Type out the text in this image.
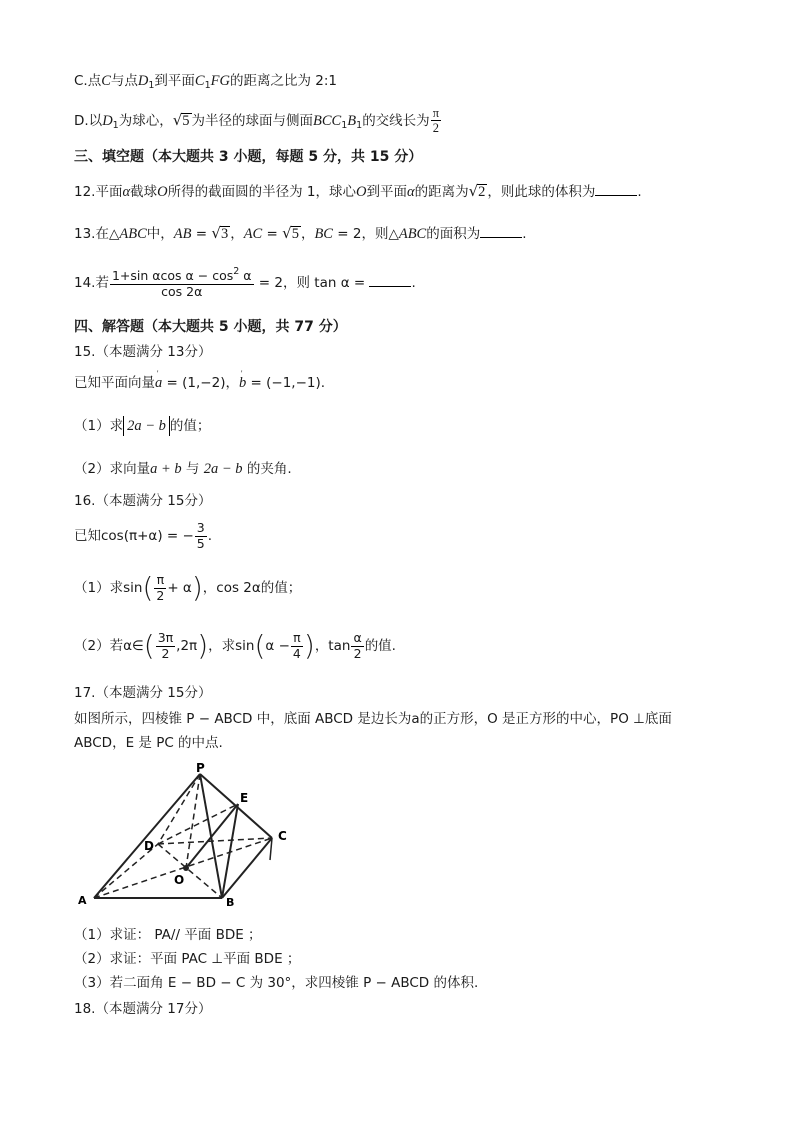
C.点C与点$D_1$到平面$C_1FG$的距离之比为 2:1
D.以$D_1$为球心，√5 为半径的球面与侧面$BCC_1B_1$的交线长为 $\frac{\pi}{2}$
三、填空题（本大题共 3 小题，每题 5 分，共 15 分）
12.平面α截球O所得的截面圆的半径为 1，球心O到平面α的距离为√2 ，则此球的体积为	.
13.在△ABC中，AB = √3 ，AC = √5 ，BC = 2，则△ABC的面积为	.
14.若 $\frac{1+\sin \alpha\cos \alpha - \cos^2 \alpha}{\cos 2\alpha} = 2$，则 tan α =	.
四、解答题（本大题共 5 小题，共 77 分）
15.（本题满分 13分）
已知平面向量' a = (1,−2)，' b = (−1,−1).
（1）求 2a − b 的值；
（2）求向量a + b 与 2a − b 的夹角.
16.（本题满分 15分）
已知cos(π+α) = − $\frac{3}{5}$ .
（1）求$\sin( \frac{\pi}{2} + \alpha)$，cos 2α的值；
（2）若α∈( $\frac{3\pi}{2} ,2\pi$)，求$\sin(\alpha - \frac{\pi}{4}$ )，$\tan \frac{\alpha}{2}$ 的值.
17.（本题满分 15分）
如图所示，四棱锥 P − ABCD 中，底面 ABCD 是边长为a的正方形，O 是正方形的中心，PO ⊥底面
ABCD，E 是 PC 的中点.
P
E
C
D
O
A	B
（1）求证： PA// 平面 BDE ；
（2）求证：平面 PAC ⊥平面 BDE ；
（3）若二面角 E − BD − C 为 30°，求四棱锥 P − ABCD 的体积.
18.（本题满分 17分）
